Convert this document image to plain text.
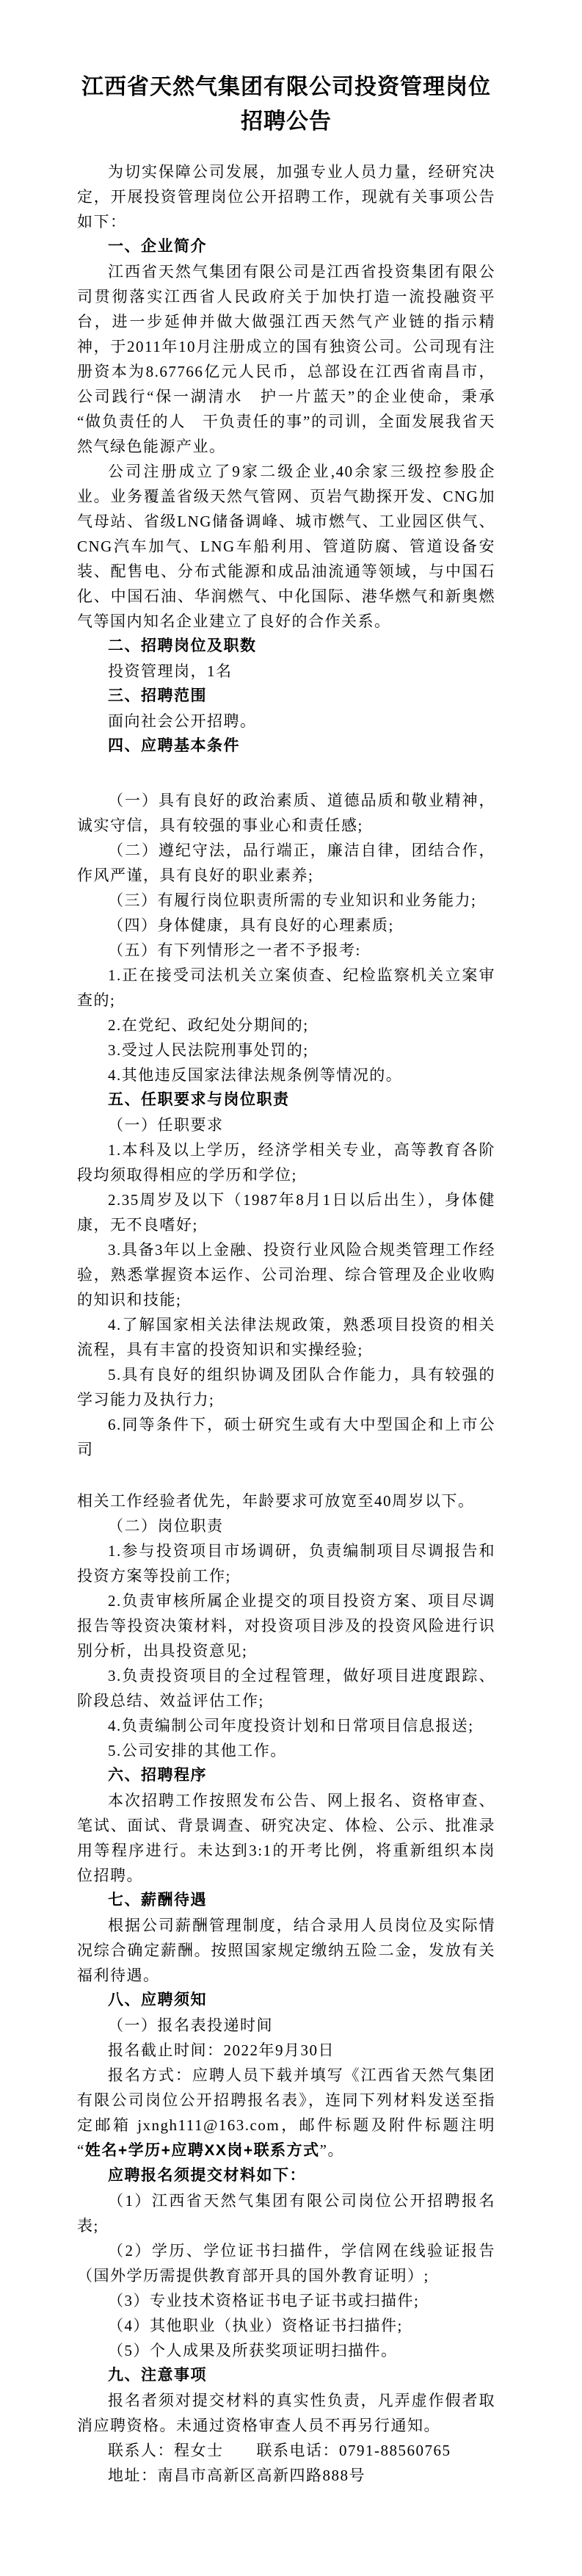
江西省天然气集团有限公司投资管理岗位
招聘公告

为切实保障公司发展，加强专业人员力量，经研究决定，开展投资管理岗位公开招聘工作，现就有关事项公告如下：

一、企业简介

江西省天然气集团有限公司是江西省投资集团有限公司贯彻落实江西省人民政府关于加快打造一流投融资平台，进一步延伸并做大做强江西天然气产业链的指示精神，于2011年10月注册成立的国有独资公司。公司现有注册资本为8.67766亿元人民币，总部设在江西省南昌市，公司践行“保一湖清水　护一片蓝天”的企业使命，秉承“做负责任的人　干负责任的事”的司训，全面发展我省天然气绿色能源产业。

公司注册成立了9家二级企业,40余家三级控参股企业。业务覆盖省级天然气管网、页岩气勘探开发、CNG加气母站、省级LNG储备调峰、城市燃气、工业园区供气、CNG汽车加气、LNG车船利用、管道防腐、管道设备安装、配售电、分布式能源和成品油流通等领域，与中国石化、中国石油、华润燃气、中化国际、港华燃气和新奥燃气等国内知名企业建立了良好的合作关系。

二、招聘岗位及职数

投资管理岗，1名

三、招聘范围

面向社会公开招聘。

四、应聘基本条件

（一）具有良好的政治素质、道德品质和敬业精神，诚实守信，具有较强的事业心和责任感;

（二）遵纪守法，品行端正，廉洁自律，团结合作，作风严谨，具有良好的职业素养;

（三）有履行岗位职责所需的专业知识和业务能力;

（四）身体健康，具有良好的心理素质;

（五）有下列情形之一者不予报考:

1.正在接受司法机关立案侦查、纪检监察机关立案审查的;

2.在党纪、政纪处分期间的;

3.受过人民法院刑事处罚的;

4.其他违反国家法律法规条例等情况的。

五、任职要求与岗位职责

（一）任职要求

1.本科及以上学历，经济学相关专业，高等教育各阶段均须取得相应的学历和学位;

2.35周岁及以下（1987年8月1日以后出生），身体健康，无不良嗜好;

3.具备3年以上金融、投资行业风险合规类管理工作经验，熟悉掌握资本运作、公司治理、综合管理及企业收购的知识和技能;

4.了解国家相关法律法规政策，熟悉项目投资的相关流程，具有丰富的投资知识和实操经验;

5.具有良好的组织协调及团队合作能力，具有较强的学习能力及执行力;

6.同等条件下，硕士研究生或有大中型国企和上市公司

相关工作经验者优先，年龄要求可放宽至40周岁以下。

（二）岗位职责

1.参与投资项目市场调研，负责编制项目尽调报告和投资方案等投前工作;

2.负责审核所属企业提交的项目投资方案、项目尽调报告等投资决策材料，对投资项目涉及的投资风险进行识别分析，出具投资意见;

3.负责投资项目的全过程管理，做好项目进度跟踪、阶段总结、效益评估工作;

4.负责编制公司年度投资计划和日常项目信息报送;

5.公司安排的其他工作。

六、招聘程序

本次招聘工作按照发布公告、网上报名、资格审查、笔试、面试、背景调查、研究决定、体检、公示、批准录用等程序进行。未达到3:1的开考比例，将重新组织本岗位招聘。

七、薪酬待遇

根据公司薪酬管理制度，结合录用人员岗位及实际情况综合确定薪酬。按照国家规定缴纳五险二金，发放有关福利待遇。

八、应聘须知

（一）报名表投递时间

报名截止时间：2022年9月30日

报名方式：应聘人员下载并填写《江西省天然气集团有限公司岗位公开招聘报名表》，连同下列材料发送至指定邮箱 jxngh111@163.com，邮件标题及附件标题注明“姓名+学历+应聘XX岗+联系方式”。

应聘报名须提交材料如下：

（1）江西省天然气集团有限公司岗位公开招聘报名表;

（2）学历、学位证书扫描件，学信网在线验证报告（国外学历需提供教育部开具的国外教育证明）;

（3）专业技术资格证书电子证书或扫描件;

（4）其他职业（执业）资格证书扫描件;

（5）个人成果及所获奖项证明扫描件。

九、注意事项

报名者须对提交材料的真实性负责，凡弄虚作假者取消应聘资格。未通过资格审查人员不再另行通知。

联系人：程女士　　联系电话：0791-88560765

地址：南昌市高新区高新四路888号
